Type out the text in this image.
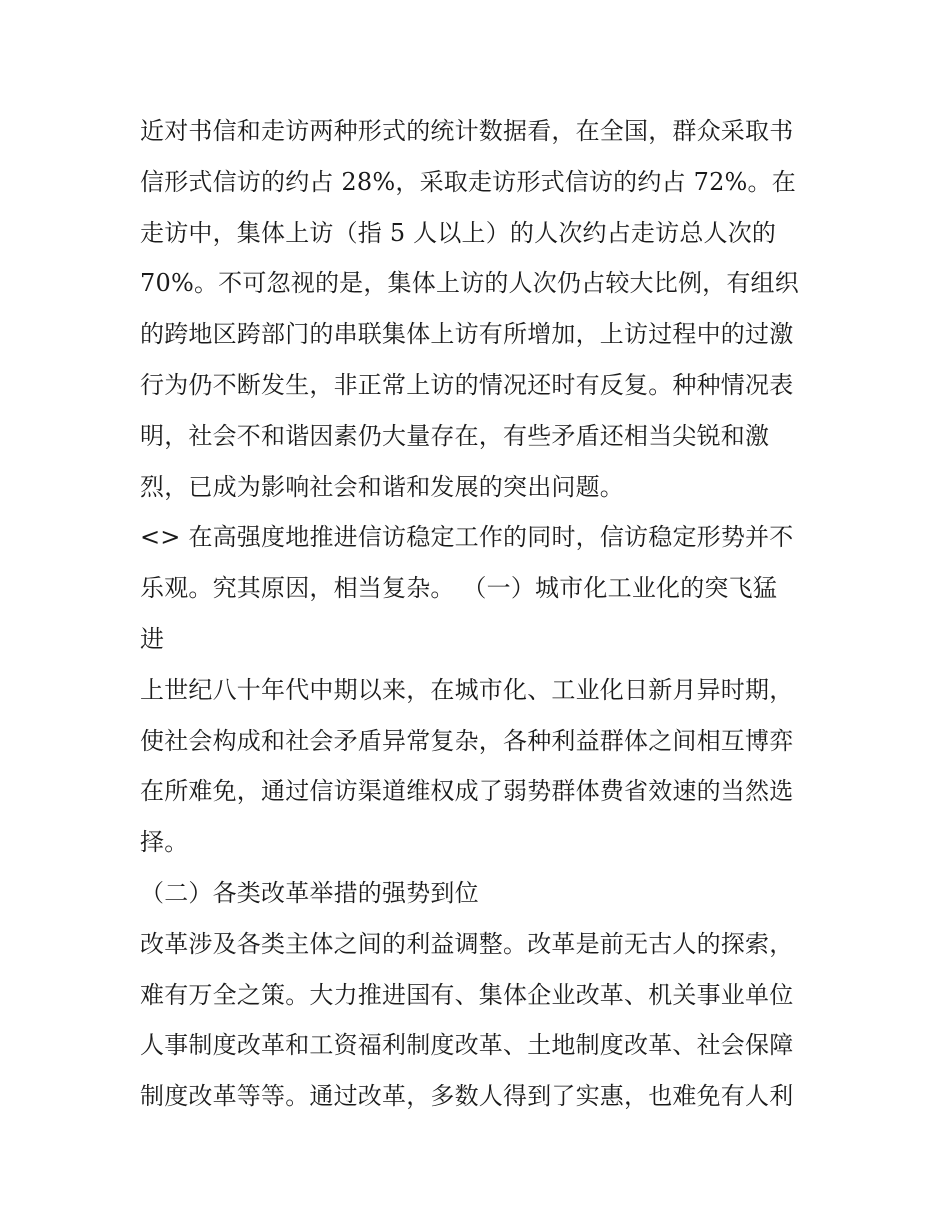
近对书信和走访两种形式的统计数据看，在全国，群众采取书
信形式信访的约占 28%，采取走访形式信访的约占 72%。在
走访中，集体上访（指 5 人以上）的人次约占走访总人次的
70%。不可忽视的是，集体上访的人次仍占较大比例，有组织
的跨地区跨部门的串联集体上访有所增加，上访过程中的过激
行为仍不断发生，非正常上访的情况还时有反复。种种情况表
明，社会不和谐因素仍大量存在，有些矛盾还相当尖锐和激
烈，已成为影响社会和谐和发展的突出问题。
<> 在高强度地推进信访稳定工作的同时，信访稳定形势并不
乐观。究其原因，相当复杂。 （一）城市化工业化的突飞猛
进
上世纪八十年代中期以来，在城市化、工业化日新月异时期，
使社会构成和社会矛盾异常复杂，各种利益群体之间相互博弈
在所难免，通过信访渠道维权成了弱势群体费省效速的当然选
择。
（二）各类改革举措的强势到位
改革涉及各类主体之间的利益调整。改革是前无古人的探索，
难有万全之策。大力推进国有、集体企业改革、机关事业单位
人事制度改革和工资福利制度改革、土地制度改革、社会保障
制度改革等等。通过改革，多数人得到了实惠，也难免有人利
